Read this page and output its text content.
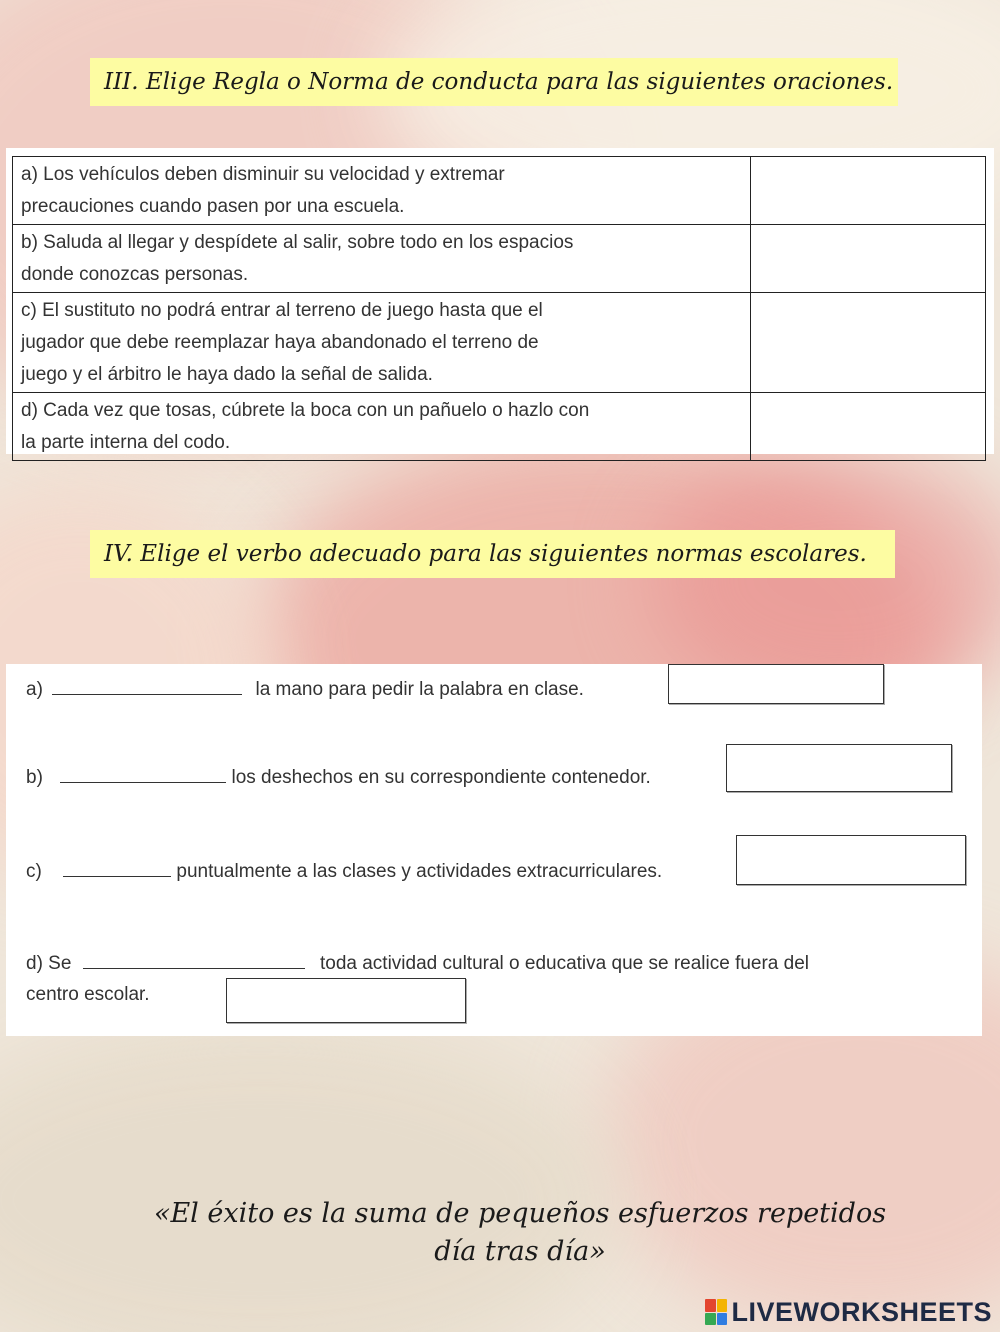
III. Elige Regla o Norma de conducta para las siguientes oraciones.
a) Los vehículos deben disminuir su velocidad y extremar
precauciones cuando pasen por una escuela.

b) Saluda al llegar y despídete al salir, sobre todo en los espacios
donde conozcas personas.

c) El sustituto no podrá entrar al terreno de juego hasta que el
jugador que debe reemplazar haya abandonado el terreno de
juego y el árbitro le haya dado la señal de salida.

d) Cada vez que tosas, cúbrete la boca con un pañuelo o hazlo con
la parte interna del codo.

IV. Elige el verbo adecuado para las siguientes normas escolares.
a)	la mano para pedir la palabra en clase.
b)	los deshechos en su correspondiente contenedor.
c)	puntualmente a las clases y actividades extracurriculares.
d) Se	toda actividad cultural o educativa que se realice fuera del
centro escolar.
«El éxito es la suma de pequeños esfuerzos repetidos
día tras día»
LIVEWORKSHEETS
